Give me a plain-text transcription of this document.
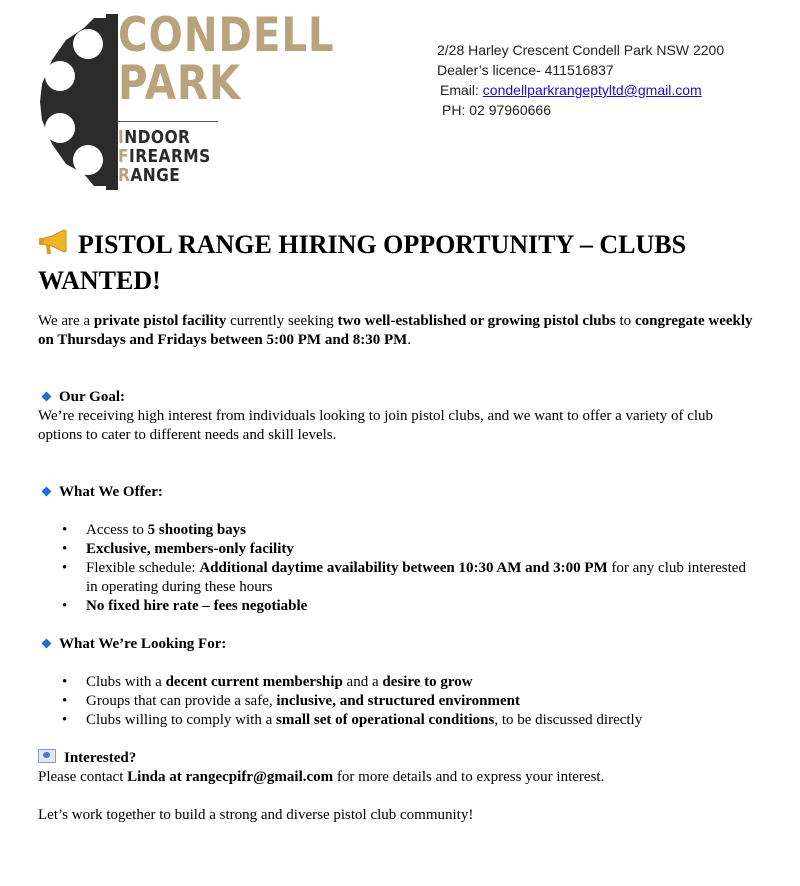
CONDELL
PARK
INDOOR
FIREARMS
RANGE
2/28 Harley Crescent Condell Park NSW 2200
Dealer’s licence- 411516837
Email: condellparkrangeptyltd@gmail.com
PH: 02 97960666
PISTOL RANGE HIRING OPPORTUNITY – CLUBS WANTED!

We are a private pistol facility currently seeking two well-established or growing pistol clubs to congregate weekly on Thursdays and Fridays between 5:00 PM and 8:30 PM.

Our Goal:

We’re receiving high interest from individuals looking to join pistol clubs, and we want to offer a variety of club options to cater to different needs and skill levels.

What We Offer:
• Access to 5 shooting bays
• Exclusive, members-only facility
• Flexible schedule: Additional daytime availability between 10:30 AM and 3:00 PM for any club interested in operating during these hours
• No fixed hire rate – fees negotiable
What We’re Looking For:
• Clubs with a decent current membership and a desire to grow
• Groups that can provide a safe, inclusive, and structured environment
• Clubs willing to comply with a small set of operational conditions, to be discussed directly
Interested?

Please contact Linda at rangecpifr@gmail.com for more details and to express your interest.

Let’s work together to build a strong and diverse pistol club community!
